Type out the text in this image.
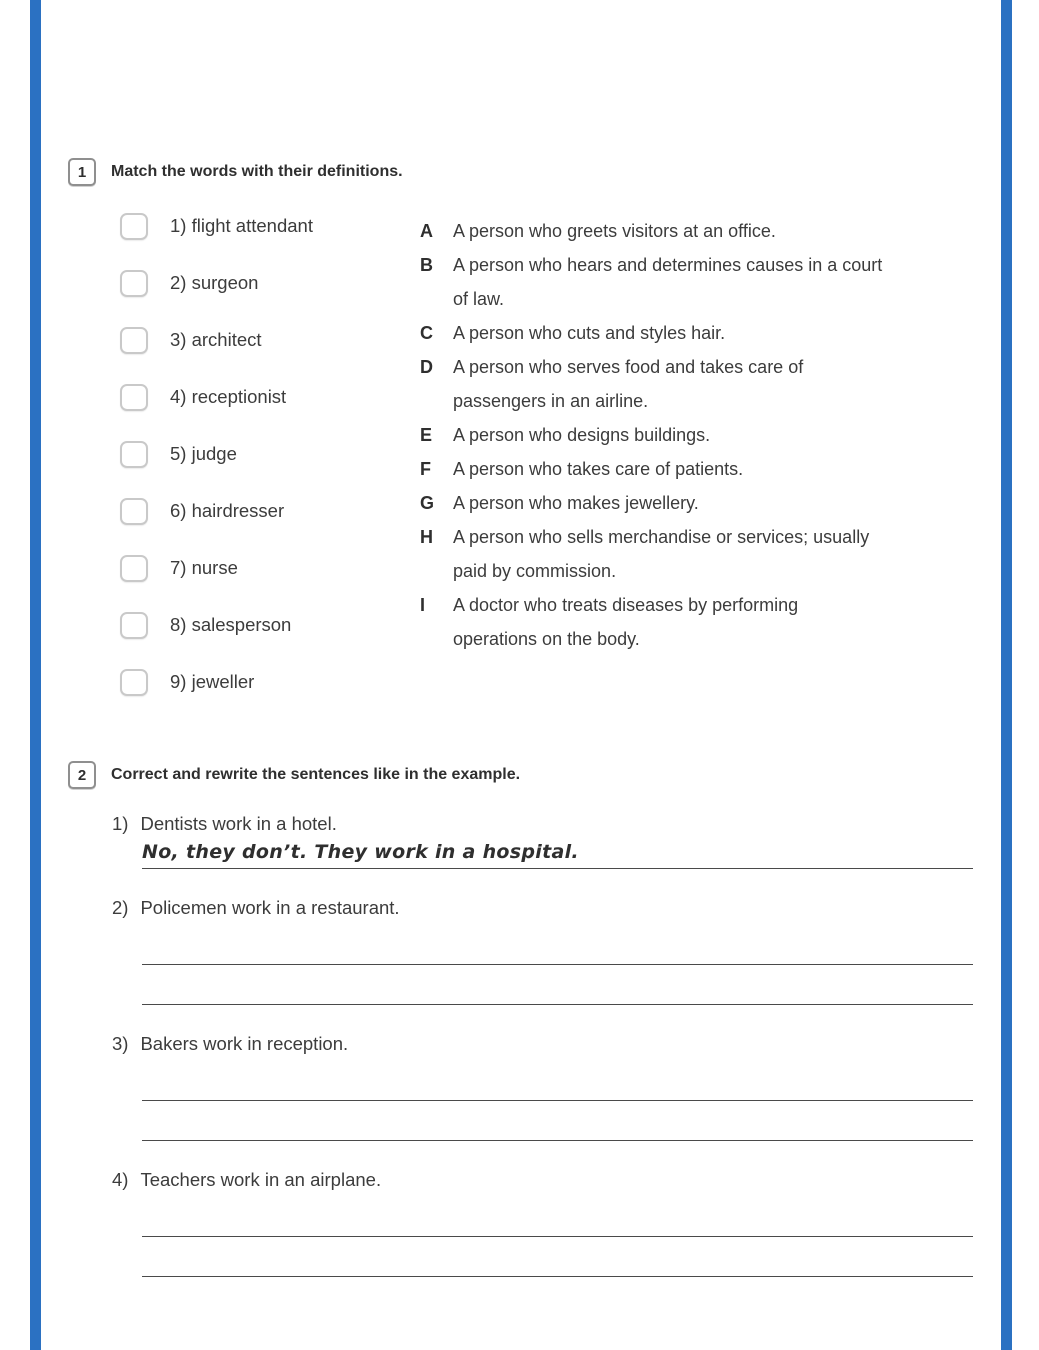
1	Match the words with their definitions.
1) flight attendant
2) surgeon
3) architect
4) receptionist
5) judge
6) hairdresser
7) nurse
8) salesperson
9) jeweller
A	A person who greets visitors at an office.
B	A person who hears and determines causes in a court of law.
C	A person who cuts and styles hair.
D	A person who serves food and takes care of passengers in an airline.
E	A person who designs buildings.
F	A person who takes care of patients.
G	A person who makes jewellery.
H	A person who sells merchandise or services; usually paid by commission.
I	A doctor who treats diseases by performing operations on the body.
2	Correct and rewrite the sentences like in the example.
1) Dentists work in a hotel.
No, they don’t. They work in a hospital.
2) Policemen work in a restaurant.
3) Bakers work in reception.
4) Teachers work in an airplane.
